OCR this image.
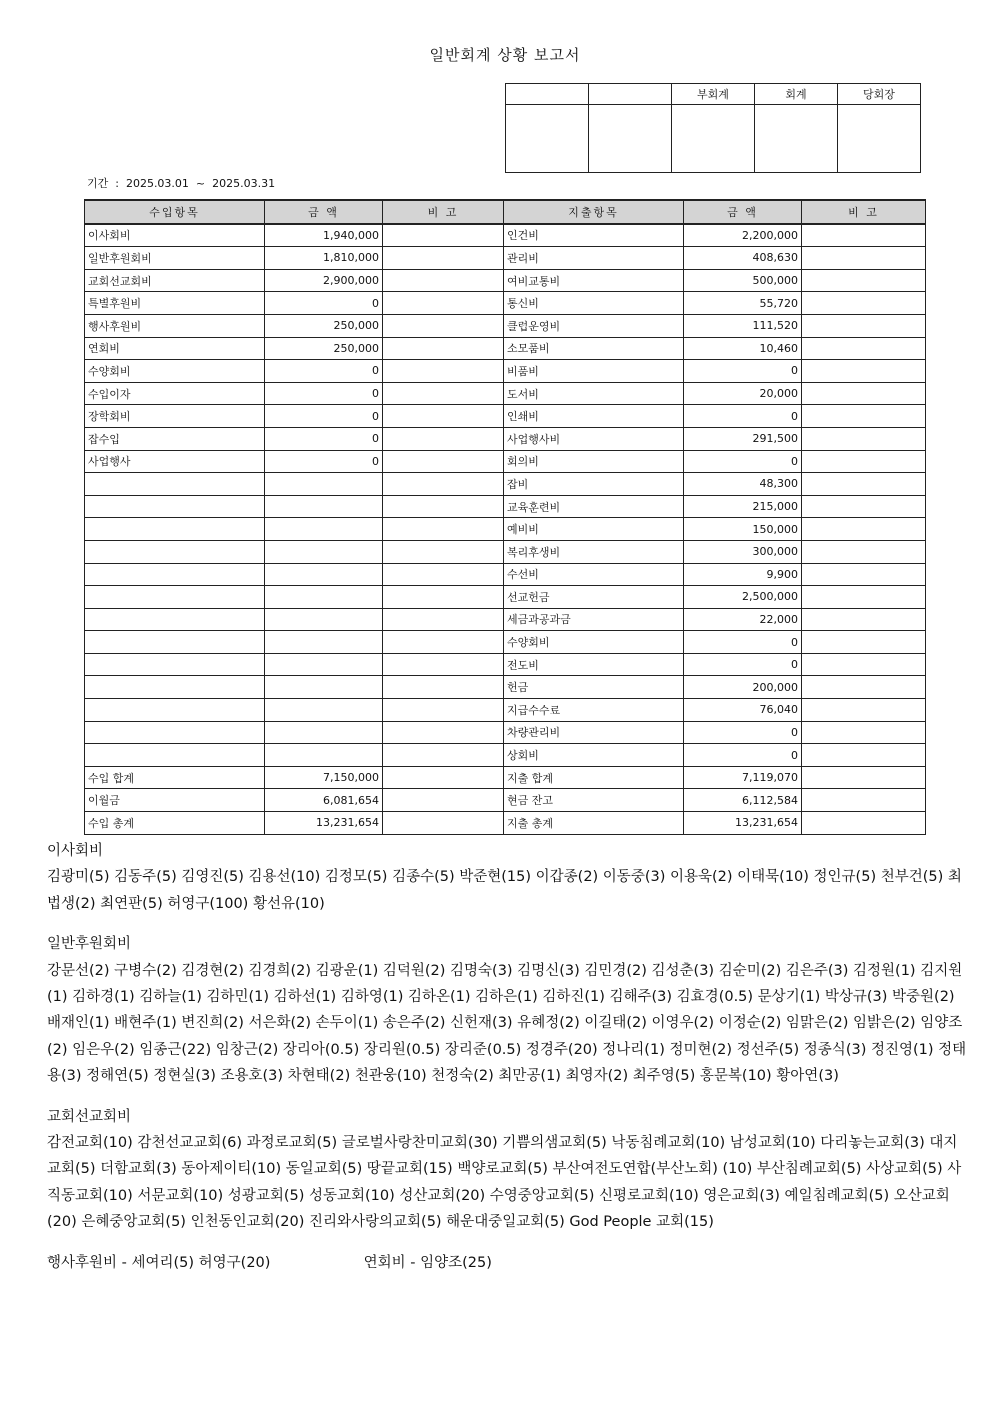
일반회계 상황 보고서
		부회계	회계	당회장

기간  :  2025.03.01  ~  2025.03.31
수입항목	금 액	비 고	지출항목	금 액	비 고
이사회비	1,940,000		인건비	2,200,000	
일반후원회비	1,810,000		관리비	408,630	
교회선교회비	2,900,000		여비교통비	500,000	
특별후원비	0		통신비	55,720	
행사후원비	250,000		클럽운영비	111,520	
연회비	250,000		소모품비	10,460	
수양회비	0		비품비	0	
수입이자	0		도서비	20,000	
장학회비	0		인쇄비	0	
잡수입	0		사업행사비	291,500	
사업행사	0		회의비	0	
			잡비	48,300	
			교육훈련비	215,000	
			예비비	150,000	
			복리후생비	300,000	
			수선비	9,900	
			선교헌금	2,500,000	
			세금과공과금	22,000	
			수양회비	0	
			전도비	0	
			헌금	200,000	
			지급수수료	76,040	
			차량관리비	0	
			상회비	0	
수입 합계	7,150,000		지출 합계	7,119,070	
이월금	6,081,654		현금 잔고	6,112,584	
수입 총계	13,231,654		지출 총계	13,231,654	
이사회비
김광미(5) 김동주(5) 김영진(5) 김용선(10) 김정모(5) 김종수(5) 박준현(15) 이갑종(2) 이동중(3) 이용욱(2) 이태묵(10) 정인규(5) 천부건(5) 최법생(2) 최연판(5) 허영구(100) 황선유(10)
일반후원회비
강문선(2) 구병수(2) 김경현(2) 김경희(2) 김광운(1) 김덕원(2) 김명숙(3) 김명신(3) 김민경(2) 김성춘(3) 김순미(2) 김은주(3) 김정원(1) 김지원(1) 김하경(1) 김하늘(1) 김하민(1) 김하선(1) 김하영(1) 김하온(1) 김하은(1) 김하진(1) 김해주(3) 김효경(0.5) 문상기(1) 박상규(3) 박중원(2) 배재인(1) 배현주(1) 변진희(2) 서은화(2) 손두이(1) 송은주(2) 신헌재(3) 유혜정(2) 이길태(2) 이영우(2) 이정순(2) 임맑은(2) 임밝은(2) 임양조(2) 임은우(2) 임종근(22) 임창근(2) 장리아(0.5) 장리원(0.5) 장리준(0.5) 정경주(20) 정나리(1) 정미현(2) 정선주(5) 정종식(3) 정진영(1) 정태용(3) 정해연(5) 정현실(3) 조용호(3) 차현태(2) 천관웅(10) 천정숙(2) 최만공(1) 최영자(2) 최주영(5) 홍문복(10) 황아연(3)
교회선교회비
감전교회(10) 감천선교교회(6) 과정로교회(5) 글로벌사랑찬미교회(30) 기쁨의샘교회(5) 낙동침례교회(10) 남성교회(10) 다리놓는교회(3) 대지교회(5) 더함교회(3) 동아제이티(10) 동일교회(5) 땅끝교회(15) 백양로교회(5) 부산여전도연합(부산노회) (10) 부산침례교회(5) 사상교회(5) 사직동교회(10) 서문교회(10) 성광교회(5) 성동교회(10) 성산교회(20) 수영중앙교회(5) 신평로교회(10) 영은교회(3) 예일침례교회(5) 오산교회(20) 은혜중앙교회(5) 인천동인교회(20) 진리와사랑의교회(5) 해운대중일교회(5) God People 교회(15)
행사후원비 - 세여리(5) 허영구(20)	연회비 - 임양조(25)
